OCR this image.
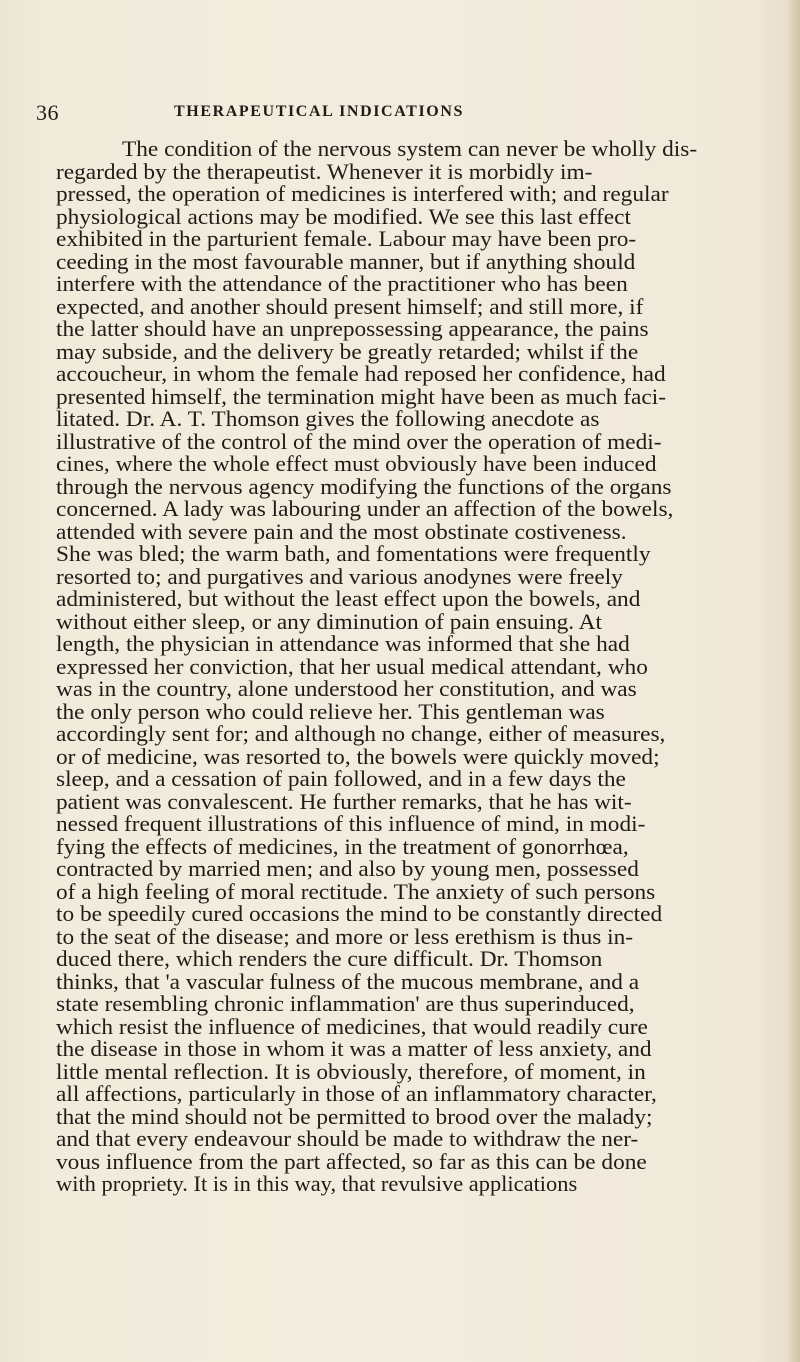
36	THERAPEUTICAL INDICATIONS
The condition of the nervous system can never be wholly dis-
regarded by the therapeutist. Whenever it is morbidly im-
pressed, the operation of medicines is interfered with; and regular
physiological actions may be modified. We see this last effect
exhibited in the parturient female. Labour may have been pro-
ceeding in the most favourable manner, but if anything should
interfere with the attendance of the practitioner who has been
expected, and another should present himself; and still more, if
the latter should have an unprepossessing appearance, the pains
may subside, and the delivery be greatly retarded; whilst if the
accoucheur, in whom the female had reposed her confidence, had
presented himself, the termination might have been as much faci-
litated. Dr. A. T. Thomson gives the following anecdote as
illustrative of the control of the mind over the operation of medi-
cines, where the whole effect must obviously have been induced
through the nervous agency modifying the functions of the organs
concerned. A lady was labouring under an affection of the bowels,
attended with severe pain and the most obstinate costiveness.
She was bled; the warm bath, and fomentations were frequently
resorted to; and purgatives and various anodynes were freely
administered, but without the least effect upon the bowels, and
without either sleep, or any diminution of pain ensuing. At
length, the physician in attendance was informed that she had
expressed her conviction, that her usual medical attendant, who
was in the country, alone understood her constitution, and was
the only person who could relieve her. This gentleman was
accordingly sent for; and although no change, either of measures,
or of medicine, was resorted to, the bowels were quickly moved;
sleep, and a cessation of pain followed, and in a few days the
patient was convalescent. He further remarks, that he has wit-
nessed frequent illustrations of this influence of mind, in modi-
fying the effects of medicines, in the treatment of gonorrhœa,
contracted by married men; and also by young men, possessed
of a high feeling of moral rectitude. The anxiety of such persons
to be speedily cured occasions the mind to be constantly directed
to the seat of the disease; and more or less erethism is thus in-
duced there, which renders the cure difficult. Dr. Thomson
thinks, that 'a vascular fulness of the mucous membrane, and a
state resembling chronic inflammation' are thus superinduced,
which resist the influence of medicines, that would readily cure
the disease in those in whom it was a matter of less anxiety, and
little mental reflection. It is obviously, therefore, of moment, in
all affections, particularly in those of an inflammatory character,
that the mind should not be permitted to brood over the malady;
and that every endeavour should be made to withdraw the ner-
vous influence from the part affected, so far as this can be done
with propriety. It is in this way, that revulsive applications
